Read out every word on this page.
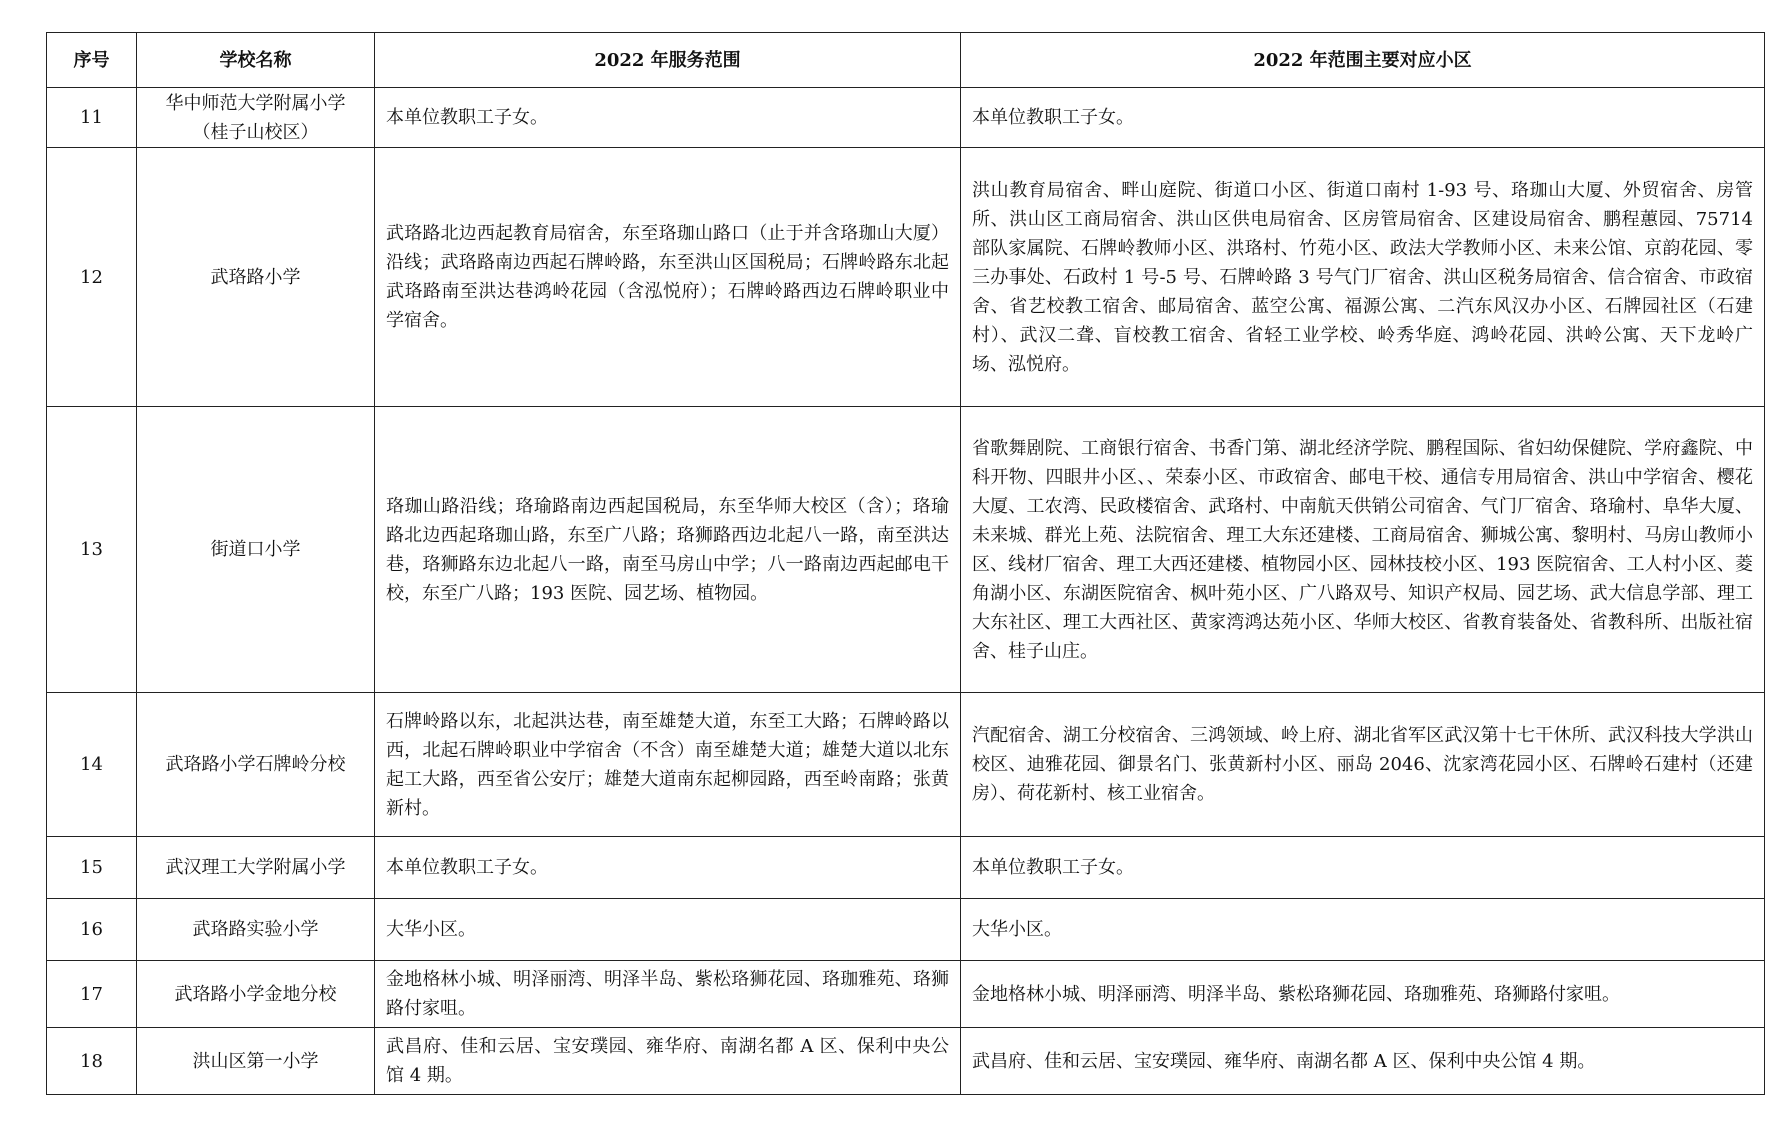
序号	学校名称	2022 年服务范围	2022 年范围主要对应小区
11	华中师范大学附属小学（桂子山校区）	本单位教职工子女。	本单位教职工子女。
12	武珞路小学	武珞路北边西起教育局宿舍，东至珞珈山路口（止于并含珞珈山大厦）沿线；武珞路南边西起石牌岭路，东至洪山区国税局；石牌岭路东北起武珞路南至洪达巷鸿岭花园（含泓悦府）；石牌岭路西边石牌岭职业中学宿舍。	洪山教育局宿舍、畔山庭院、街道口小区、街道口南村 1-93 号、珞珈山大厦、外贸宿舍、房管所、洪山区工商局宿舍、洪山区供电局宿舍、区房管局宿舍、区建设局宿舍、鹏程蕙园、75714 部队家属院、石牌岭教师小区、洪珞村、竹苑小区、政法大学教师小区、未来公馆、京韵花园、零三办事处、石政村 1 号-5 号、石牌岭路 3 号气门厂宿舍、洪山区税务局宿舍、信合宿舍、市政宿舍、省艺校教工宿舍、邮局宿舍、蓝空公寓、福源公寓、二汽东风汉办小区、石牌园社区（石建村）、武汉二聋、盲校教工宿舍、省轻工业学校、岭秀华庭、鸿岭花园、洪岭公寓、天下龙岭广场、泓悦府。
13	街道口小学	珞珈山路沿线；珞瑜路南边西起国税局，东至华师大校区（含）；珞瑜路北边西起珞珈山路，东至广八路；珞狮路西边北起八一路，南至洪达巷，珞狮路东边北起八一路，南至马房山中学；八一路南边西起邮电干校，东至广八路；193 医院、园艺场、植物园。	省歌舞剧院、工商银行宿舍、书香门第、湖北经济学院、鹏程国际、省妇幼保健院、学府鑫院、中科开物、四眼井小区、、荣泰小区、市政宿舍、邮电干校、通信专用局宿舍、洪山中学宿舍、樱花大厦、工农湾、民政楼宿舍、武珞村、中南航天供销公司宿舍、气门厂宿舍、珞瑜村、阜华大厦、未来城、群光上苑、法院宿舍、理工大东还建楼、工商局宿舍、狮城公寓、黎明村、马房山教师小区、线材厂宿舍、理工大西还建楼、植物园小区、园林技校小区、193 医院宿舍、工人村小区、菱角湖小区、东湖医院宿舍、枫叶苑小区、广八路双号、知识产权局、园艺场、武大信息学部、理工大东社区、理工大西社区、黄家湾鸿达苑小区、华师大校区、省教育装备处、省教科所、出版社宿舍、桂子山庄。
14	武珞路小学石牌岭分校	石牌岭路以东，北起洪达巷，南至雄楚大道，东至工大路；石牌岭路以西，北起石牌岭职业中学宿舍（不含）南至雄楚大道；雄楚大道以北东起工大路，西至省公安厅；雄楚大道南东起柳园路，西至岭南路；张黄新村。	汽配宿舍、湖工分校宿舍、三鸿领域、岭上府、湖北省军区武汉第十七干休所、武汉科技大学洪山校区、迪雅花园、御景名门、张黄新村小区、丽岛 2046、沈家湾花园小区、石牌岭石建村（还建房）、荷花新村、核工业宿舍。
15	武汉理工大学附属小学	本单位教职工子女。	本单位教职工子女。
16	武珞路实验小学	大华小区。	大华小区。
17	武珞路小学金地分校	金地格林小城、明泽丽湾、明泽半岛、紫松珞狮花园、珞珈雅苑、珞狮路付家咀。	金地格林小城、明泽丽湾、明泽半岛、紫松珞狮花园、珞珈雅苑、珞狮路付家咀。
18	洪山区第一小学	武昌府、佳和云居、宝安璞园、雍华府、南湖名都 A 区、保利中央公馆 4 期。	武昌府、佳和云居、宝安璞园、雍华府、南湖名都 A 区、保利中央公馆 4 期。
